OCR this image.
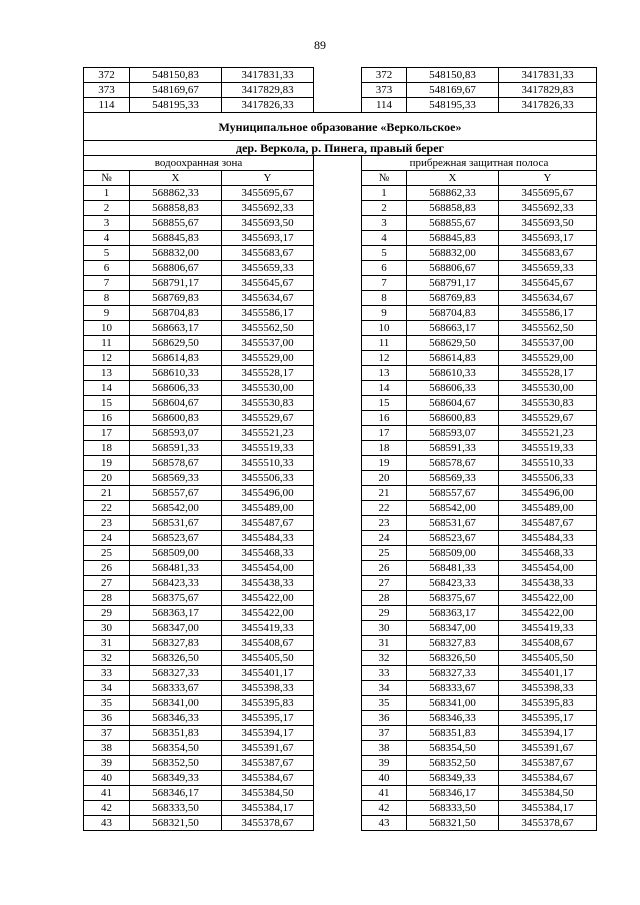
89
372	548150,83	3417831,33		372	548150,83	3417831,33
373	548169,67	3417829,83		373	548169,67	3417829,83
114	548195,33	3417826,33		114	548195,33	3417826,33
Муниципальное образование «Веркольское»						
дер. Веркола, р. Пинега, правый берег						
водоохранная зона				прибрежная защитная полоса		
№	X	Y		№	X	Y
1	568862,33	3455695,67		1	568862,33	3455695,67
2	568858,83	3455692,33		2	568858,83	3455692,33
3	568855,67	3455693,50		3	568855,67	3455693,50
4	568845,83	3455693,17		4	568845,83	3455693,17
5	568832,00	3455683,67		5	568832,00	3455683,67
6	568806,67	3455659,33		6	568806,67	3455659,33
7	568791,17	3455645,67		7	568791,17	3455645,67
8	568769,83	3455634,67		8	568769,83	3455634,67
9	568704,83	3455586,17		9	568704,83	3455586,17
10	568663,17	3455562,50		10	568663,17	3455562,50
11	568629,50	3455537,00		11	568629,50	3455537,00
12	568614,83	3455529,00		12	568614,83	3455529,00
13	568610,33	3455528,17		13	568610,33	3455528,17
14	568606,33	3455530,00		14	568606,33	3455530,00
15	568604,67	3455530,83		15	568604,67	3455530,83
16	568600,83	3455529,67		16	568600,83	3455529,67
17	568593,07	3455521,23		17	568593,07	3455521,23
18	568591,33	3455519,33		18	568591,33	3455519,33
19	568578,67	3455510,33		19	568578,67	3455510,33
20	568569,33	3455506,33		20	568569,33	3455506,33
21	568557,67	3455496,00		21	568557,67	3455496,00
22	568542,00	3455489,00		22	568542,00	3455489,00
23	568531,67	3455487,67		23	568531,67	3455487,67
24	568523,67	3455484,33		24	568523,67	3455484,33
25	568509,00	3455468,33		25	568509,00	3455468,33
26	568481,33	3455454,00		26	568481,33	3455454,00
27	568423,33	3455438,33		27	568423,33	3455438,33
28	568375,67	3455422,00		28	568375,67	3455422,00
29	568363,17	3455422,00		29	568363,17	3455422,00
30	568347,00	3455419,33		30	568347,00	3455419,33
31	568327,83	3455408,67		31	568327,83	3455408,67
32	568326,50	3455405,50		32	568326,50	3455405,50
33	568327,33	3455401,17		33	568327,33	3455401,17
34	568333,67	3455398,33		34	568333,67	3455398,33
35	568341,00	3455395,83		35	568341,00	3455395,83
36	568346,33	3455395,17		36	568346,33	3455395,17
37	568351,83	3455394,17		37	568351,83	3455394,17
38	568354,50	3455391,67		38	568354,50	3455391,67
39	568352,50	3455387,67		39	568352,50	3455387,67
40	568349,33	3455384,67		40	568349,33	3455384,67
41	568346,17	3455384,50		41	568346,17	3455384,50
42	568333,50	3455384,17		42	568333,50	3455384,17
43	568321,50	3455378,67		43	568321,50	3455378,67
